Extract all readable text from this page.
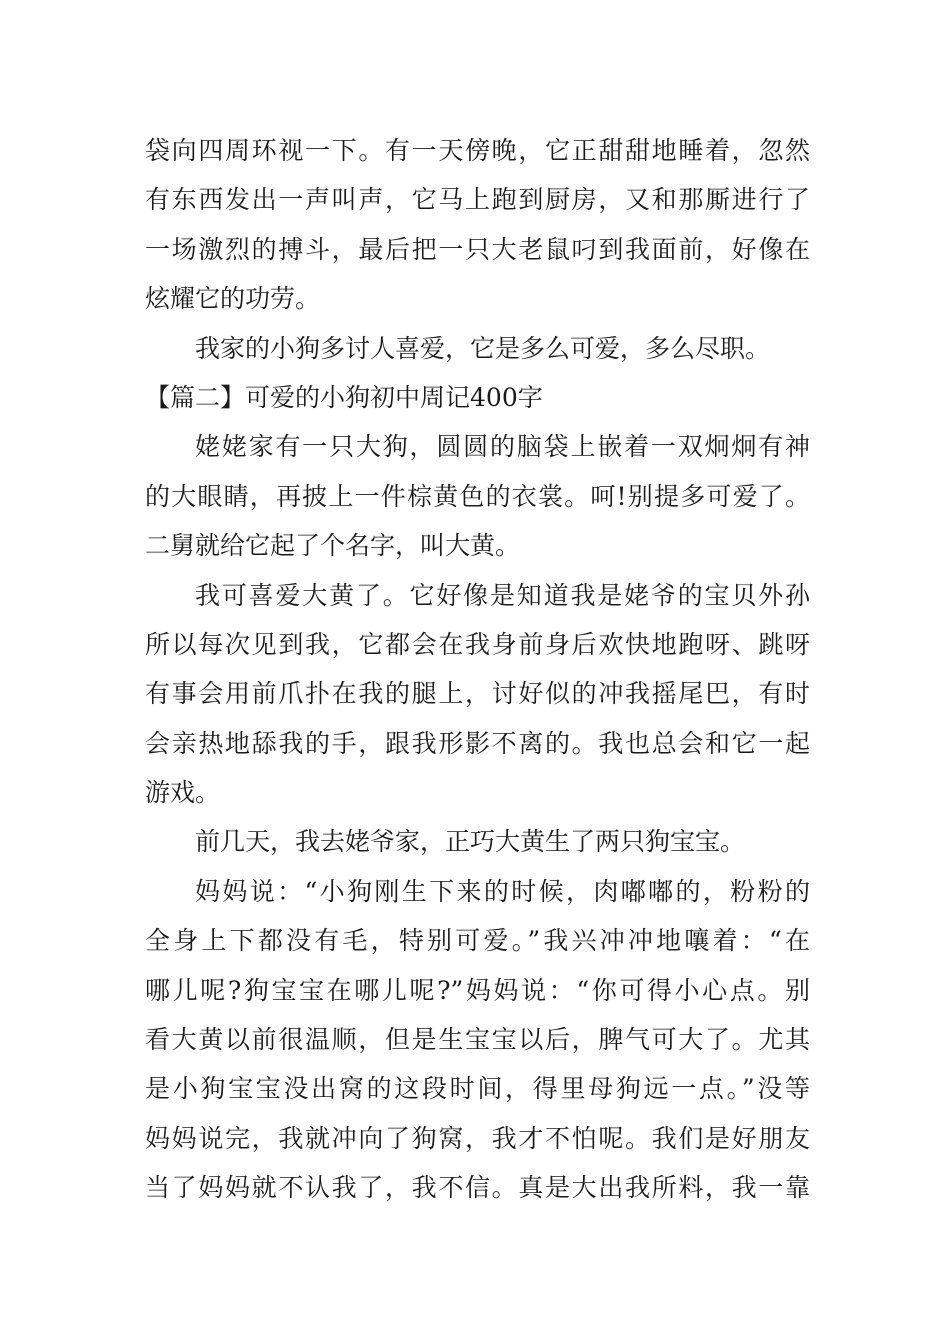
袋向四周环视一下。有一天傍晚，它正甜甜地睡着，忽然
有东西发出一声叫声，它马上跑到厨房，又和那厮进行了
一场激烈的搏斗，最后把一只大老鼠叼到我面前，好像在
炫耀它的功劳。
我家的小狗多讨人喜爱，它是多么可爱，多么尽职。
【篇二】可爱的小狗初中周记400字
姥姥家有一只大狗，圆圆的脑袋上嵌着一双炯炯有神
的大眼睛，再披上一件棕黄色的衣裳。呵!别提多可爱了。
二舅就给它起了个名字，叫大黄。
我可喜爱大黄了。它好像是知道我是姥爷的宝贝外孙
所以每次见到我，它都会在我身前身后欢快地跑呀、跳呀
有事会用前爪扑在我的腿上，讨好似的冲我摇尾巴，有时
会亲热地舔我的手，跟我形影不离的。我也总会和它一起
游戏。
前几天，我去姥爷家，正巧大黄生了两只狗宝宝。
妈妈说：“小狗刚生下来的时候，肉嘟嘟的，粉粉的
全身上下都没有毛，特别可爱。”我兴冲冲地嚷着：“在
哪儿呢?狗宝宝在哪儿呢?”妈妈说：“你可得小心点。别
看大黄以前很温顺，但是生宝宝以后，脾气可大了。尤其
是小狗宝宝没出窝的这段时间，得里母狗远一点。”没等
妈妈说完，我就冲向了狗窝，我才不怕呢。我们是好朋友
当了妈妈就不认我了，我不信。真是大出我所料，我一靠
